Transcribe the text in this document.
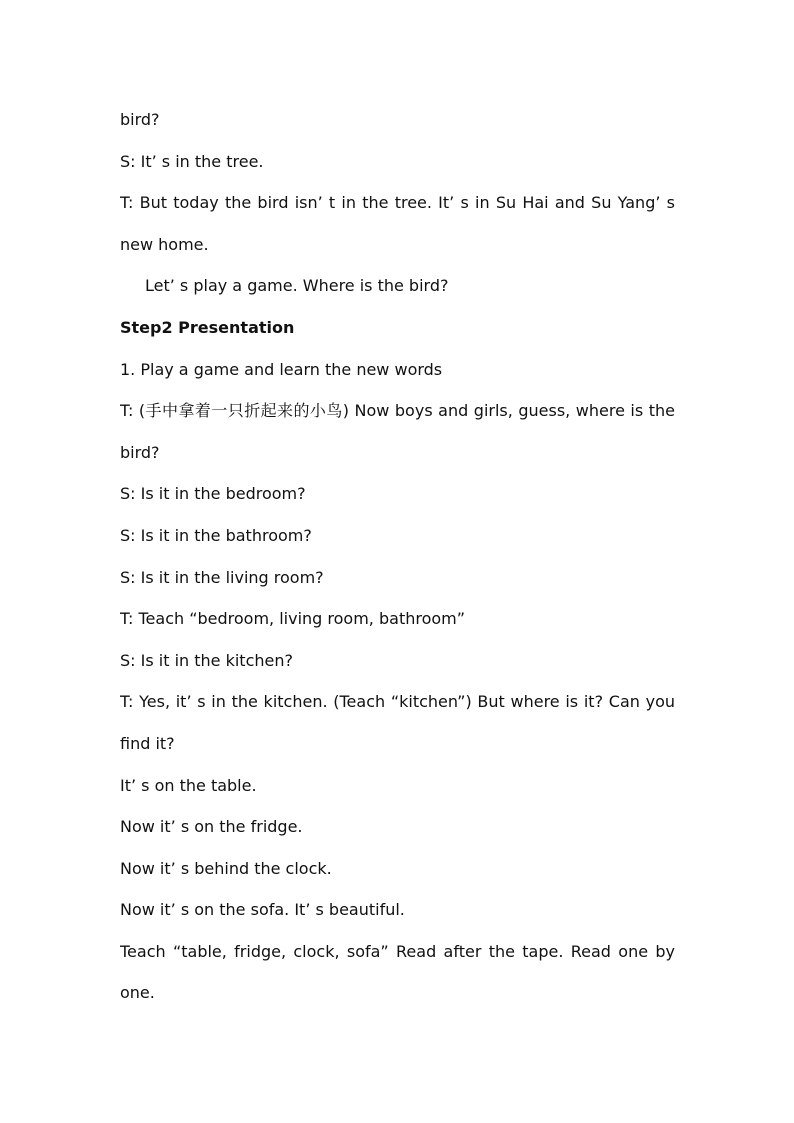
bird?
S: It’ s in the tree.
T: But today the bird isn’ t in the tree. It’ s in Su Hai and Su Yang’ s
new home.
Let’ s play a game. Where is the bird?
Step2 Presentation
1. Play a game and learn the new words
T: (手中拿着一只折起来的小鸟) Now boys and girls, guess, where is the
bird?
S: Is it in the bedroom?
S: Is it in the bathroom?
S: Is it in the living room?
T: Teach “bedroom, living room, bathroom”
S: Is it in the kitchen?
T: Yes, it’ s in the kitchen. (Teach “kitchen”) But where is it? Can you
find it?
It’ s on the table.
Now it’ s on the fridge.
Now it’ s behind the clock.
Now it’ s on the sofa. It’ s beautiful.
Teach “table, fridge, clock, sofa” Read after the tape. Read one by
one.
